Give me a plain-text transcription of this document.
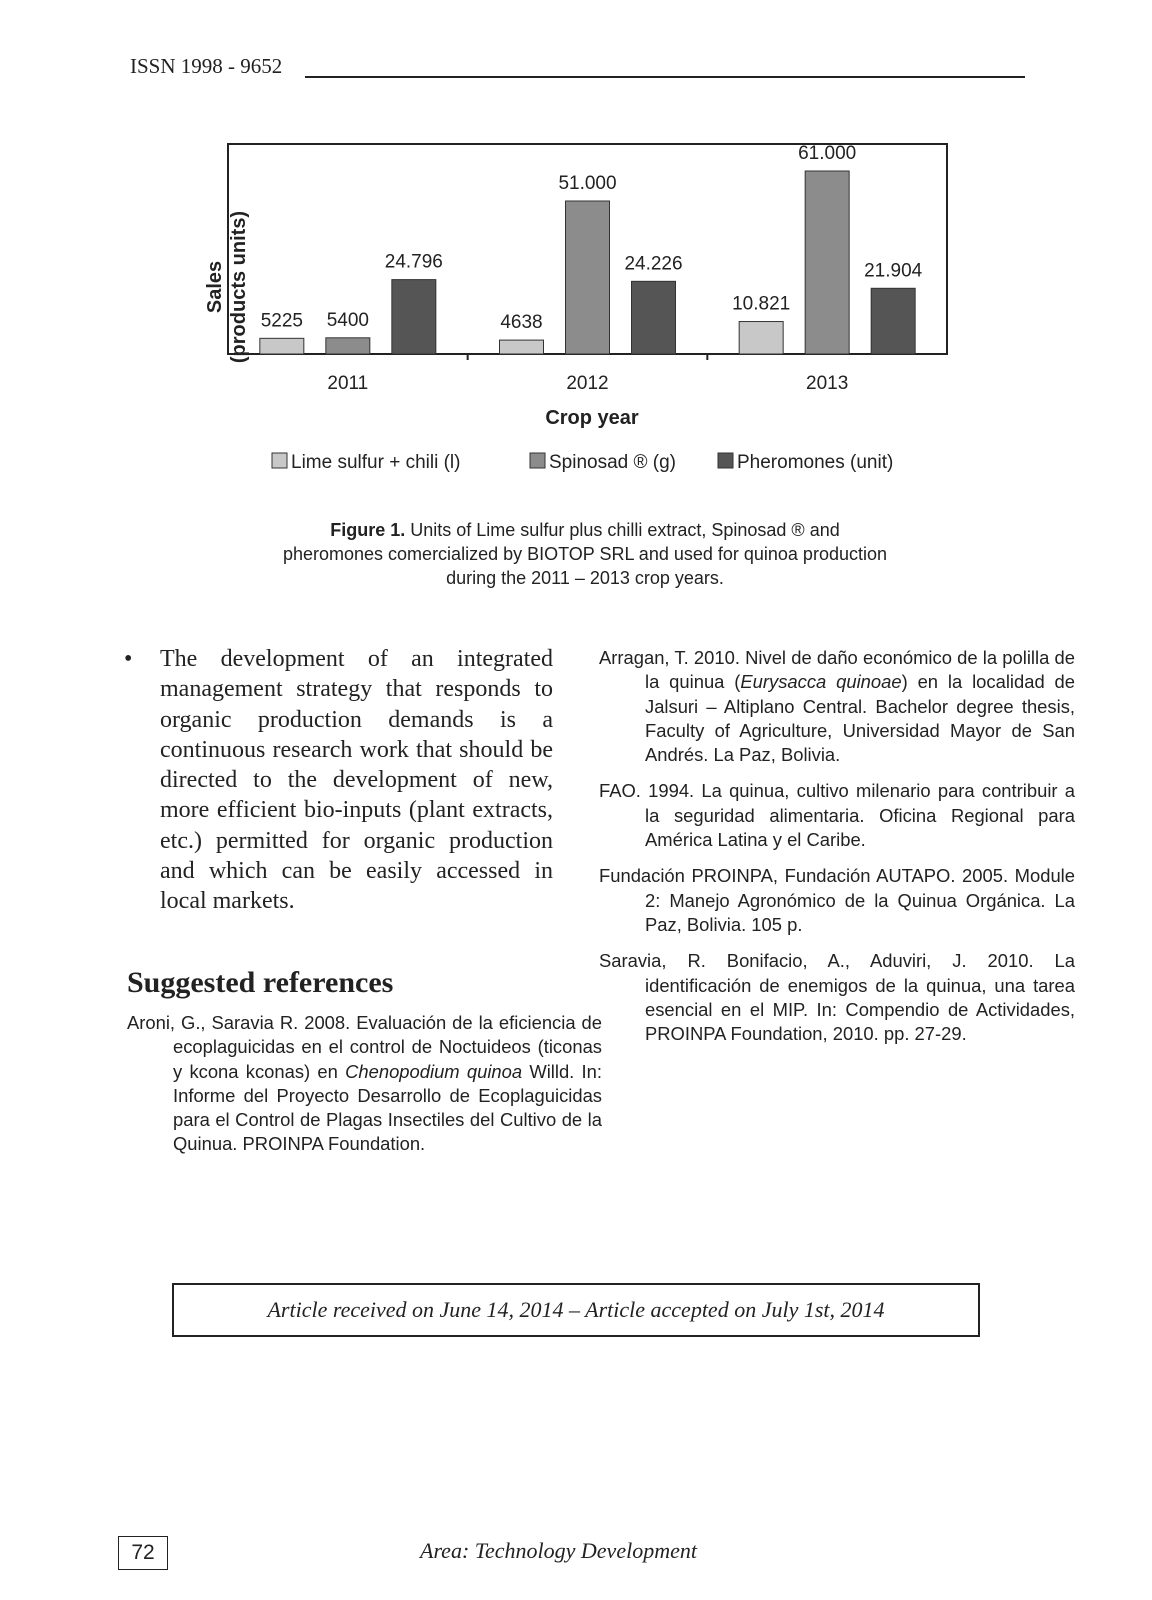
ISSN 1998 - 9652
5225 5400
24.796
2011
4638
51.000
24.226
2012
10.821
61.000
21.904
2013
Sales (products units)
Crop year
Lime sulfur + chili (l)	Spinosad ® (g)	Pheromones (unit)
Figure 1. Units of Lime sulfur plus chilli extract, Spinosad ® and pheromones comercialized by BIOTOP SRL and used for quinoa production during the 2011 – 2013 crop years.
• The development of an integrated management strategy that responds to organic production demands is a continuous research work that should be directed to the development of new, more efficient bio-inputs (plant extracts, etc.) permitted for organic production and which can be easily accessed in local markets.
Suggested references
Aroni, G., Saravia R. 2008. Evaluación de la eficiencia de ecoplaguicidas en el control de Noctuideos (ticonas y kcona kconas) en Chenopodium quinoa Willd. In: Informe del Proyecto Desarrollo de Ecoplaguicidas para el Control de Plagas Insectiles del Cultivo de la Quinua. PROINPA Foundation.
Arragan, T. 2010. Nivel de daño económico de la polilla de la quinua (Eurysacca quinoae) en la localidad de Jalsuri – Altiplano Central. Bachelor degree thesis, Faculty of Agriculture, Universidad Mayor de San Andrés. La Paz, Bolivia.
FAO. 1994. La quinua, cultivo milenario para contribuir a la seguridad alimentaria. Oficina Regional para América Latina y el Caribe.
Fundación PROINPA, Fundación AUTAPO. 2005. Module 2: Manejo Agronómico de la Quinua Orgánica. La Paz, Bolivia. 105 p.
Saravia, R. Bonifacio, A., Aduviri, J. 2010. La identificación de enemigos de la quinua, una tarea esencial en el MIP. In: Compendio de Actividades, PROINPA Foundation, 2010. pp. 27-29.
Article received on June 14, 2014 – Article accepted on July 1st, 2014
72	Area: Technology Development
